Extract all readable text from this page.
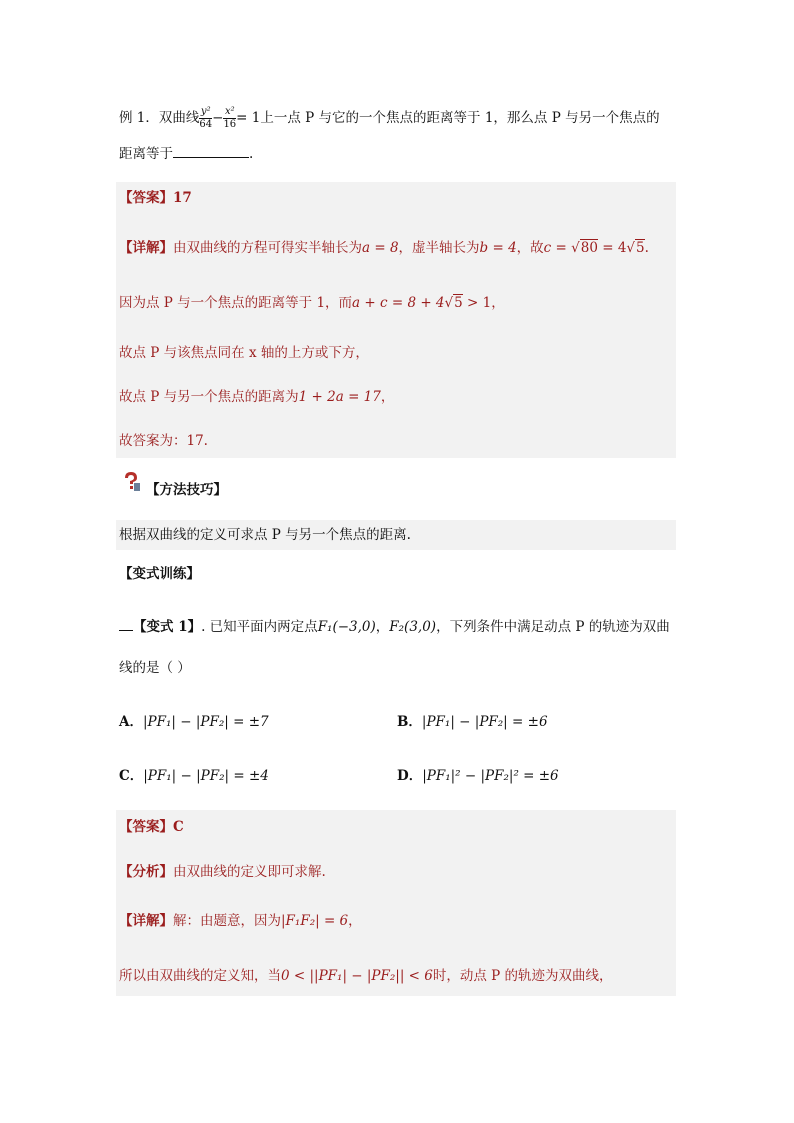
例 1．双曲线 $\frac{\text{y²}}{64} - \frac{\text{x²}}{16} = 1$上一点 P 与它的一个焦点的距离等于 1，那么点 P 与另一个焦点的
距离等于	.
【答案】17
【详解】由双曲线的方程可得实半轴长为a = 8，虚半轴长为b = 4，故c = √80 = 4√5.
因为点 P 与一个焦点的距离等于 1，而a + c = 8 + 4√5 > 1，
故点 P 与该焦点同在 x 轴的上方或下方，
故点 P 与另一个焦点的距离为1 + 2a = 17，
故答案为：17.
【方法技巧】
根据双曲线的定义可求点 P 与另一个焦点的距离.
【变式训练】
【变式 1】. 已知平面内两定点F₁(−3,0)，F₂(3,0)，下列条件中满足动点 P 的轨迹为双曲
线的是（ ）
A．|PF₁| − |PF₂| = ±7	B．|PF₁| − |PF₂| = ±6
C．|PF₁| − |PF₂| = ±4	D．|PF₁|² − |PF₂|² = ±6
【答案】C
【分析】由双曲线的定义即可求解.
【详解】解：由题意，因为|F₁F₂| = 6，
所以由双曲线的定义知，当0 < ||PF₁| − |PF₂|| < 6时，动点 P 的轨迹为双曲线，
